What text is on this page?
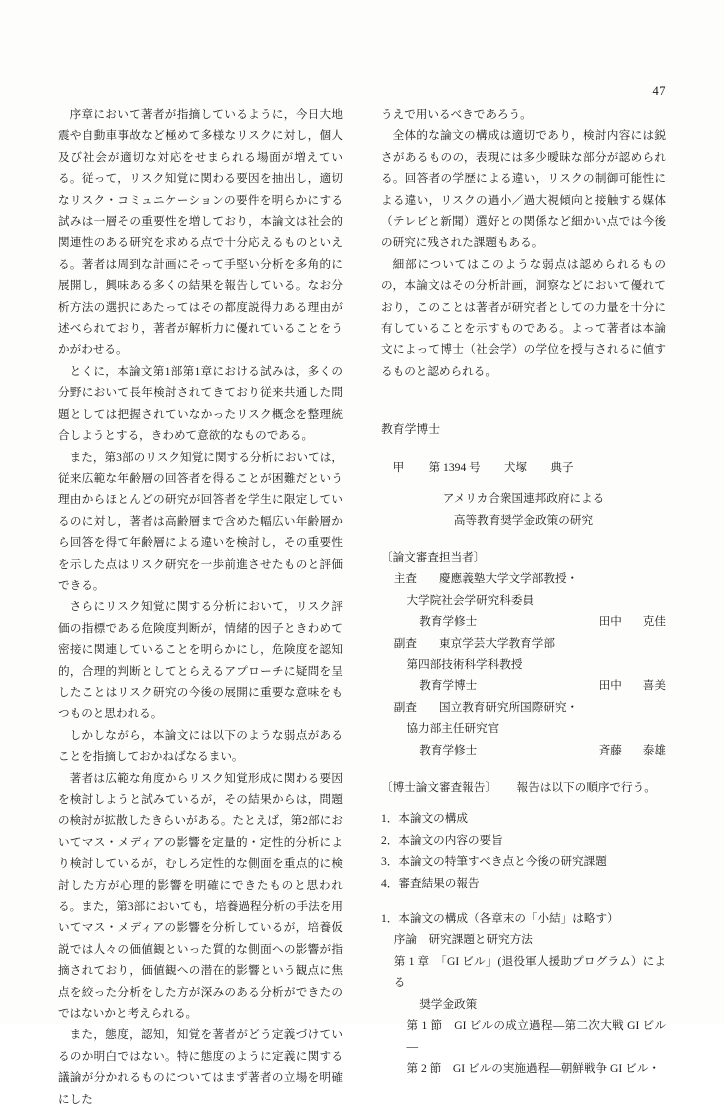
47

序章において著者が指摘しているように，今日大地震や自動車事故など極めて多様なリスクに対し，個人及び社会が適切な対応をせまられる場面が増えている。従って，リスク知覚に関わる要因を抽出し，適切なリスク・コミュニケーションの要件を明らかにする試みは一層その重要性を増しており，本論文は社会的関連性のある研究を求める点で十分応えるものといえる。著者は周到な計画にそって手堅い分析を多角的に展開し，興味ある多くの結果を報告している。なお分析方法の選択にあたってはその都度説得力ある理由が述べられており，著者が解析力に優れていることをうかがわせる。

とくに，本論文第1部第1章における試みは，多くの分野において長年検討されてきており従来共通した問題としては把握されていなかったリスク概念を整理統合しようとする，きわめて意欲的なものである。

また，第3部のリスク知覚に関する分析においては，従来広範な年齢層の回答者を得ることが困難だという理由からほとんどの研究が回答者を学生に限定しているのに対し，著者は高齢層まで含めた幅広い年齢層から回答を得て年齢層による違いを検討し，その重要性を示した点はリスク研究を一歩前進させたものと評価できる。

さらにリスク知覚に関する分析において，リスク評価の指標である危険度判断が，情緒的因子ときわめて密接に関連していることを明らかにし，危険度を認知的，合理的判断としてとらえるアプローチに疑問を呈したことはリスク研究の今後の展開に重要な意味をもつものと思われる。

しかしながら，本論文には以下のような弱点があることを指摘しておかねばなるまい。

著者は広範な角度からリスク知覚形成に関わる要因を検討しようと試みているが，その結果からは，問題の検討が拡散したきらいがある。たとえば，第2部においてマス・メディアの影響を定量的・定性的分析により検討しているが，むしろ定性的な側面を重点的に検討した方が心理的影響を明確にできたものと思われる。また，第3部においても，培養過程分析の手法を用いてマス・メディアの影響を分析しているが，培養仮説では人々の価値観といった質的な側面への影響が指摘されており，価値観への潜在的影響という観点に焦点を絞った分析をした方が深みのある分析ができたのではないかと考えられる。

また，態度，認知，知覚を著者がどう定義づけているのか明白ではない。特に態度のように定義に関する議論が分かれるものについてはまず著者の立場を明確にした

うえで用いるべきであろう。

全体的な論文の構成は適切であり，検討内容には鋭さがあるものの，表現には多少曖昧な部分が認められる。回答者の学歴による違い，リスクの制御可能性による違い，リスクの過小／過大視傾向と接触する媒体（テレビと新聞）選好との関係など細かい点では今後の研究に残された課題もある。

細部についてはこのような弱点は認められるものの，本論文はその分析計画，洞察などにおいて優れており，このことは著者が研究者としての力量を十分に有していることを示すものである。よって著者は本論文によって博士（社会学）の学位を授与されるに値するものと認められる。

教育学博士

甲 第 1394 号 犬塚 典子

アメリカ合衆国連邦政府による

高等教育奨学金政策の研究

〔論文審査担当者〕

主査 慶應義塾大学文学部教授・

大学院社会学研究科委員

教育学修士	田中 克佳

副査 東京学芸大学教育学部

第四部技術科学科教授

教育学博士	田中 喜美

副査 国立教育研究所国際研究・

協力部主任研究官

教育学修士	斉藤 泰雄

〔博士論文審査報告〕 報告は以下の順序で行う。

1．本論文の構成

2．本論文の内容の要旨

3．本論文の特筆すべき点と今後の研究課題

4．審査結果の報告

1．本論文の構成（各章末の「小結」は略す）

序論　研究課題と研究方法

第 1 章　「GI ビル」(退役軍人援助プログラム）による

奨学金政策

第 1 節　GI ビルの成立過程—第二次大戦 GI ビル—

第 2 節　GI ビルの実施過程—朝鮮戦争 GI ビル・
